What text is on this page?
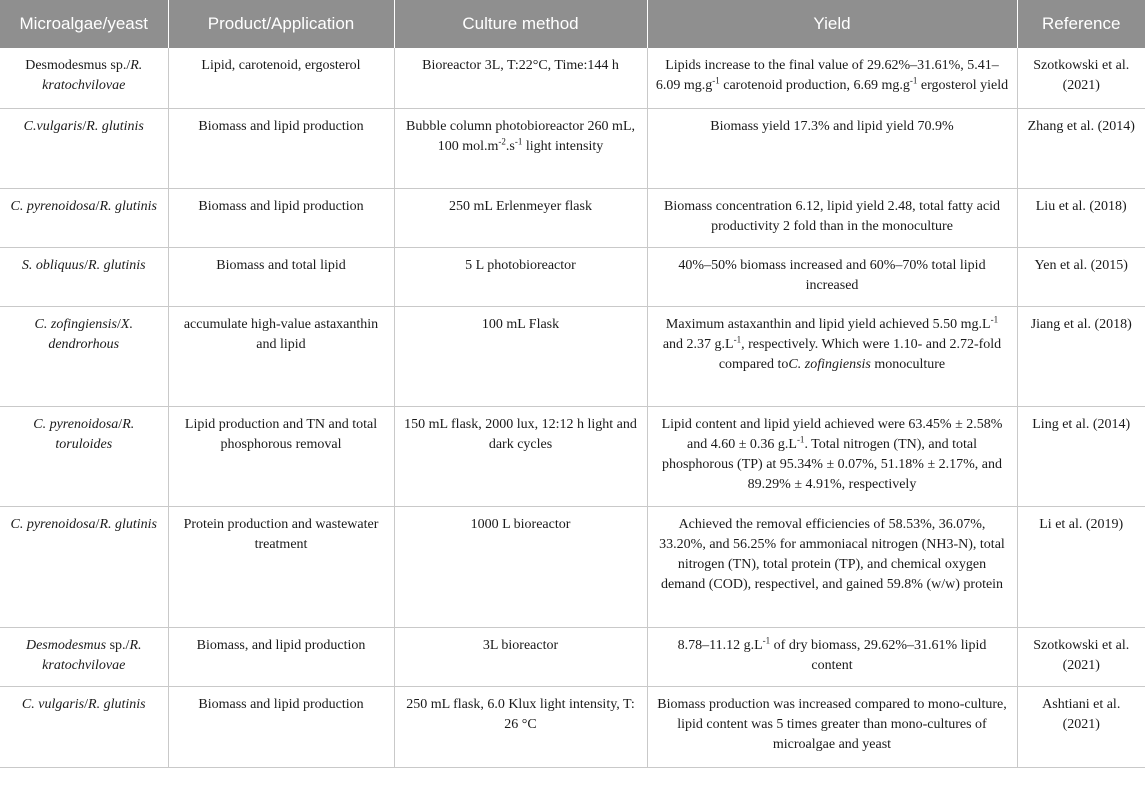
Microalgae/yeast	Product/Application	Culture method	Yield	Reference
Desmodesmus sp./R. kratochvilovae	Lipid, carotenoid, ergosterol	Bioreactor 3L, T:22°C, Time:144 h	Lipids increase to the final value of 29.62%–31.61%, 5.41–6.09 $mg.g^{-1}$ carotenoid production, 6.69 $mg.g^{-1}$ ergosterol yield	Szotkowski et al. (2021)
C.vulgaris/R. glutinis	Biomass and lipid production	Bubble column photobioreactor 260 mL, 100 $mol.m^{-2}.s^{-1}$ light intensity	Biomass yield 17.3% and lipid yield 70.9%	Zhang et al. (2014)
C. pyrenoidosa/R. glutinis	Biomass and lipid production	250 mL Erlenmeyer flask	Biomass concentration 6.12, lipid yield 2.48, total fatty acid productivity 2 fold than in the monoculture	Liu et al. (2018)
S. obliquus/R. glutinis	Biomass and total lipid	5 L photobioreactor	40%–50% biomass increased and 60%–70% total lipid increased	Yen et al. (2015)
C. zofingiensis/X. dendrorhous	accumulate high-value astaxanthin and lipid	100 mL Flask	Maximum astaxanthin and lipid yield achieved 5.50 $mg.L^{-1}$ and 2.37 $g.L^{-1}$, respectively. Which were 1.10- and 2.72-fold compared toC. zofingiensis monoculture	Jiang et al. (2018)
C. pyrenoidosa/R. toruloides	Lipid production and TN and total phosphorous removal	150 mL flask, 2000 lux, 12:12 h light and dark cycles	Lipid content and lipid yield achieved were 63.45% ± 2.58% and 4.60 ± 0.36 $g.L^{-1}$. Total nitrogen (TN), and total phosphorous (TP) at 95.34% ± 0.07%, 51.18% ± 2.17%, and 89.29% ± 4.91%, respectively	Ling et al. (2014)
C. pyrenoidosa/R. glutinis	Protein production and wastewater treatment	1000 L bioreactor	Achieved the removal efficiencies of 58.53%, 36.07%, 33.20%, and 56.25% for ammoniacal nitrogen (NH3-N), total nitrogen (TN), total protein (TP), and chemical oxygen demand (COD), respectivel, and gained 59.8% (w/w) protein	Li et al. (2019)
Desmodesmus sp./R. kratochvilovae	Biomass, and lipid production	3L bioreactor	8.78–11.12 $g.L^{-1}$ of dry biomass, 29.62%–31.61% lipid content	Szotkowski et al. (2021)
C. vulgaris/R. glutinis	Biomass and lipid production	250 mL flask, 6.0 Klux light intensity, T: 26 °C	Biomass production was increased compared to mono-culture, lipid content was 5 times greater than mono-cultures of microalgae and yeast	Ashtiani et al. (2021)
